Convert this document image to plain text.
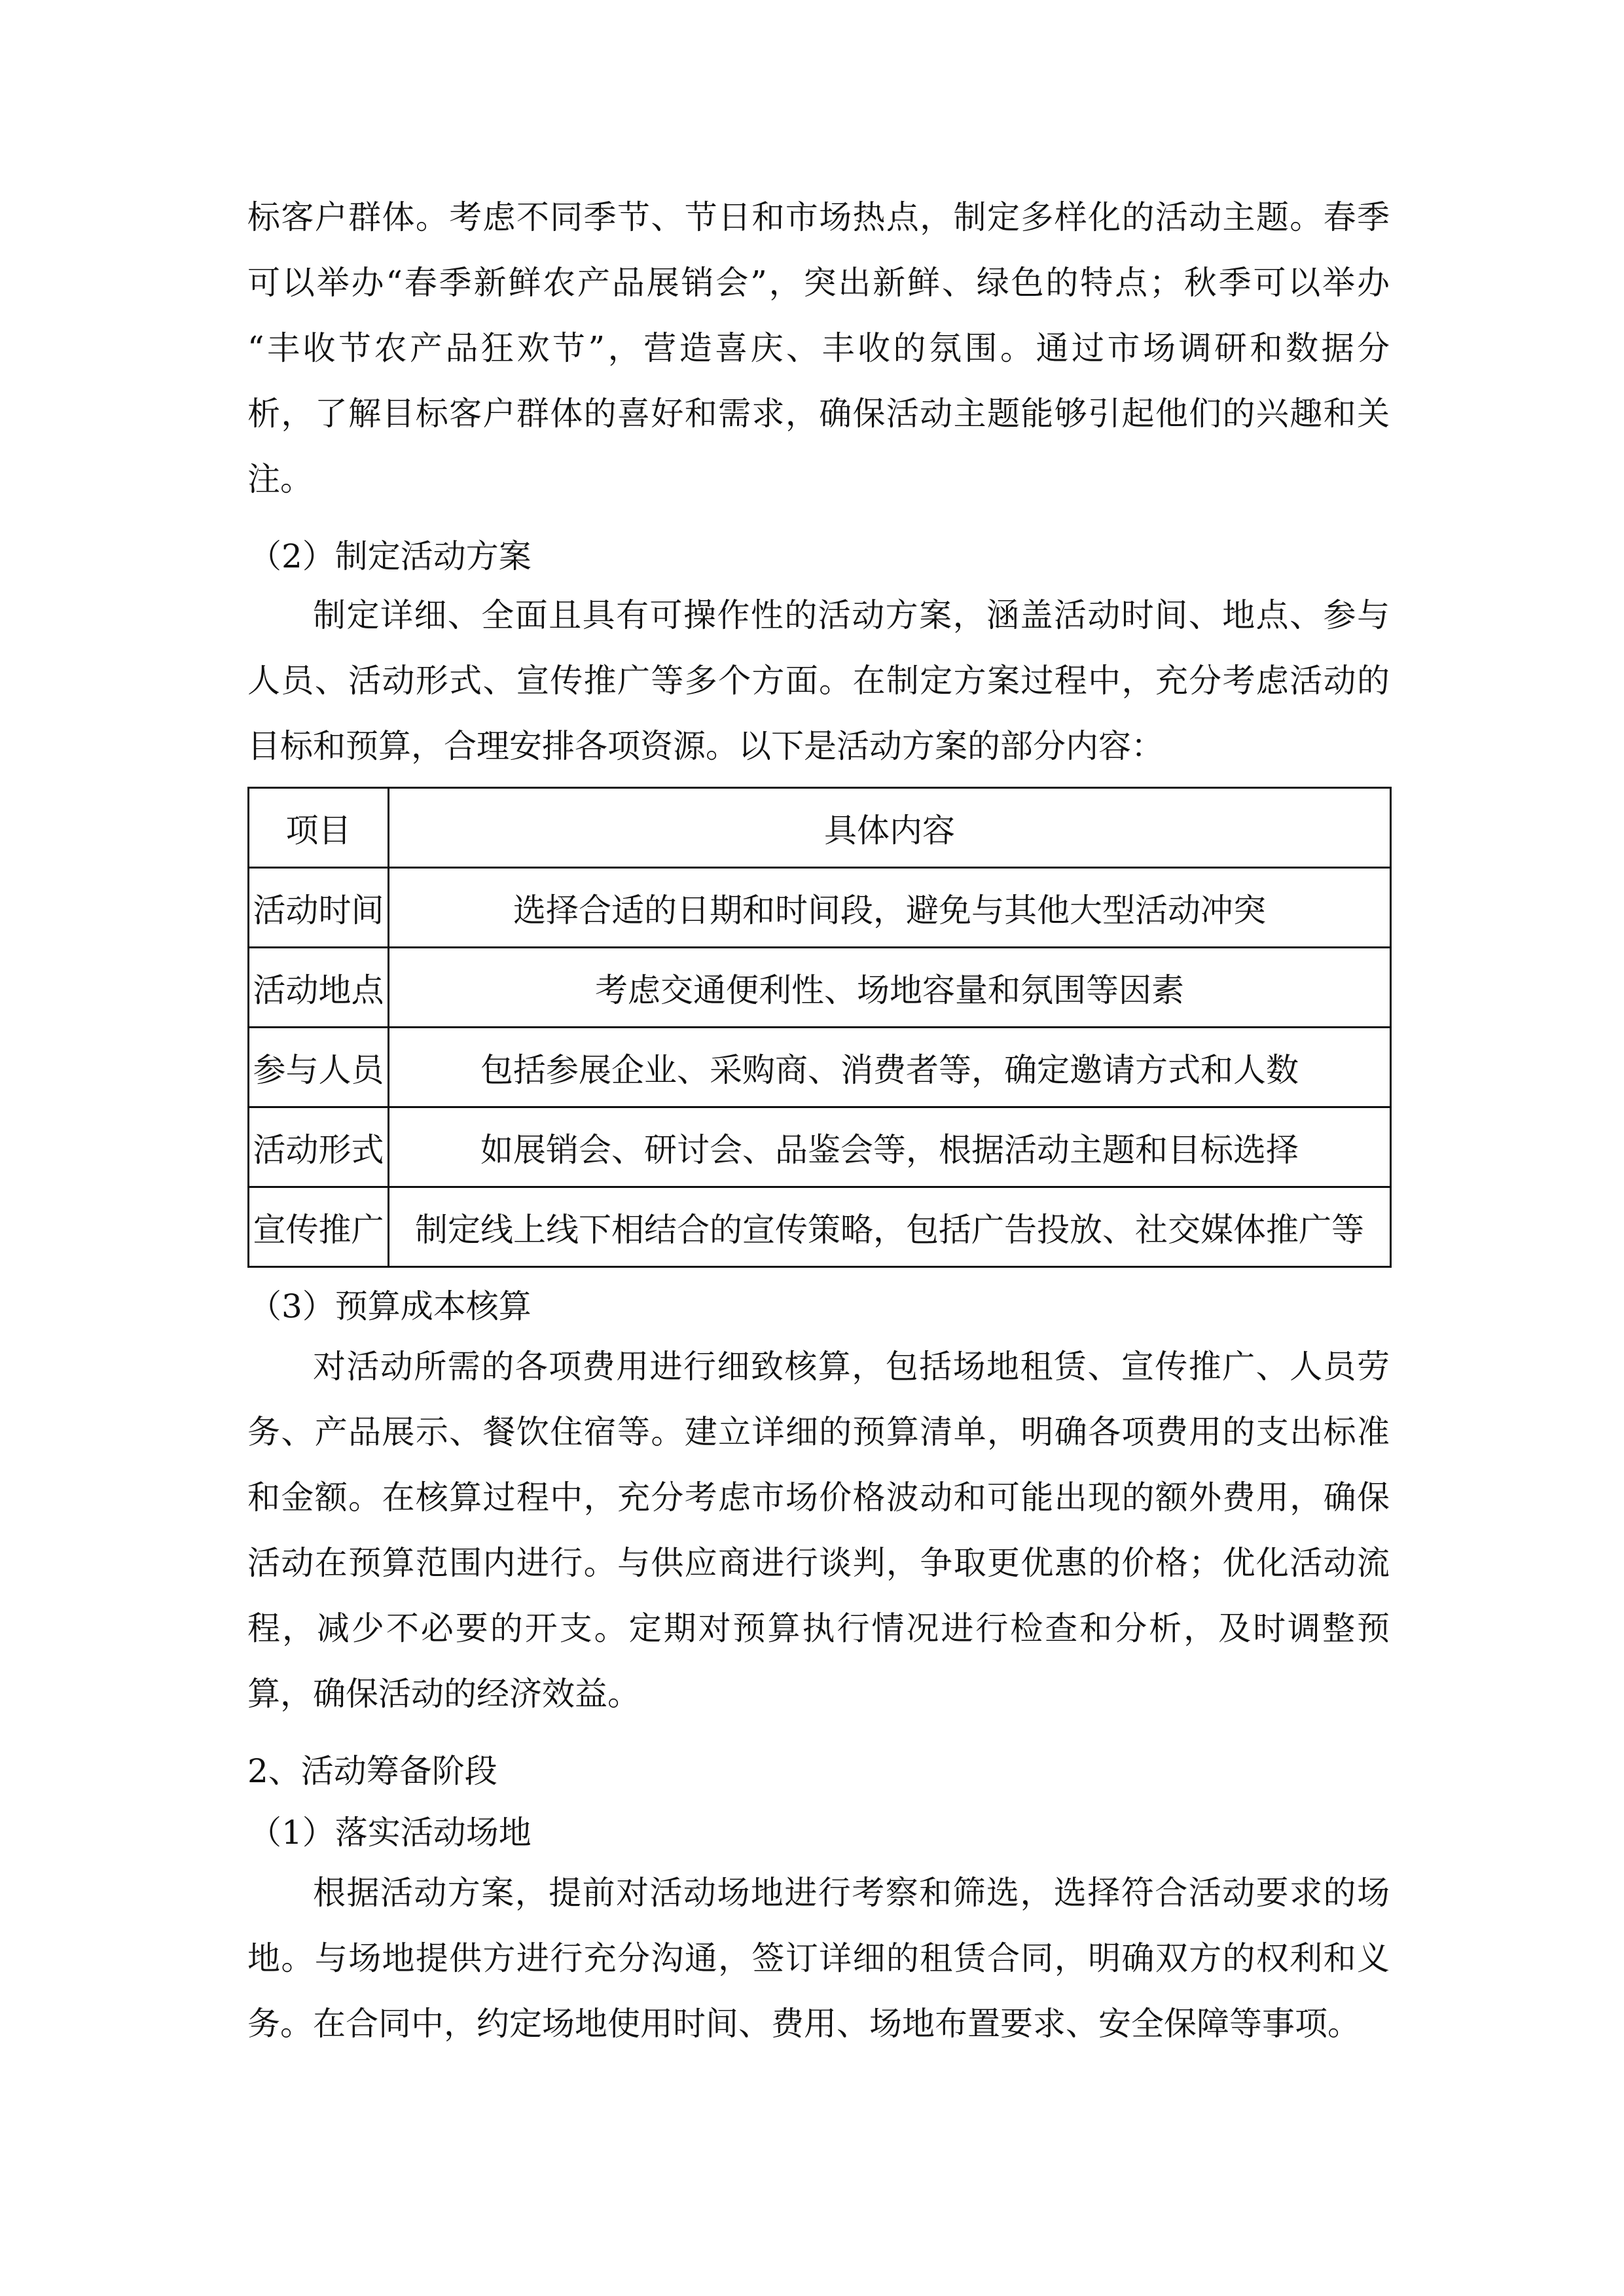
标客户群体。考虑不同季节、节日和市场热点，制定多样化的活动主题。春季
可以举办“春季新鲜农产品展销会”，突出新鲜、绿色的特点；秋季可以举办
“丰收节农产品狂欢节”，营造喜庆、丰收的氛围。通过市场调研和数据分
析，了解目标客户群体的喜好和需求，确保活动主题能够引起他们的兴趣和关
注。
（2）制定活动方案
制定详细、全面且具有可操作性的活动方案，涵盖活动时间、地点、参与
人员、活动形式、宣传推广等多个方面。在制定方案过程中，充分考虑活动的
目标和预算，合理安排各项资源。以下是活动方案的部分内容：
项目	具体内容
活动时间	选择合适的日期和时间段，避免与其他大型活动冲突
活动地点	考虑交通便利性、场地容量和氛围等因素
参与人员	包括参展企业、采购商、消费者等，确定邀请方式和人数
活动形式	如展销会、研讨会、品鉴会等，根据活动主题和目标选择
宣传推广	制定线上线下相结合的宣传策略，包括广告投放、社交媒体推广等
（3）预算成本核算
对活动所需的各项费用进行细致核算，包括场地租赁、宣传推广、人员劳
务、产品展示、餐饮住宿等。建立详细的预算清单，明确各项费用的支出标准
和金额。在核算过程中，充分考虑市场价格波动和可能出现的额外费用，确保
活动在预算范围内进行。与供应商进行谈判，争取更优惠的价格；优化活动流
程，减少不必要的开支。定期对预算执行情况进行检查和分析，及时调整预
算，确保活动的经济效益。
2、活动筹备阶段
（1）落实活动场地
根据活动方案，提前对活动场地进行考察和筛选，选择符合活动要求的场
地。与场地提供方进行充分沟通，签订详细的租赁合同，明确双方的权利和义
务。在合同中，约定场地使用时间、费用、场地布置要求、安全保障等事项。
